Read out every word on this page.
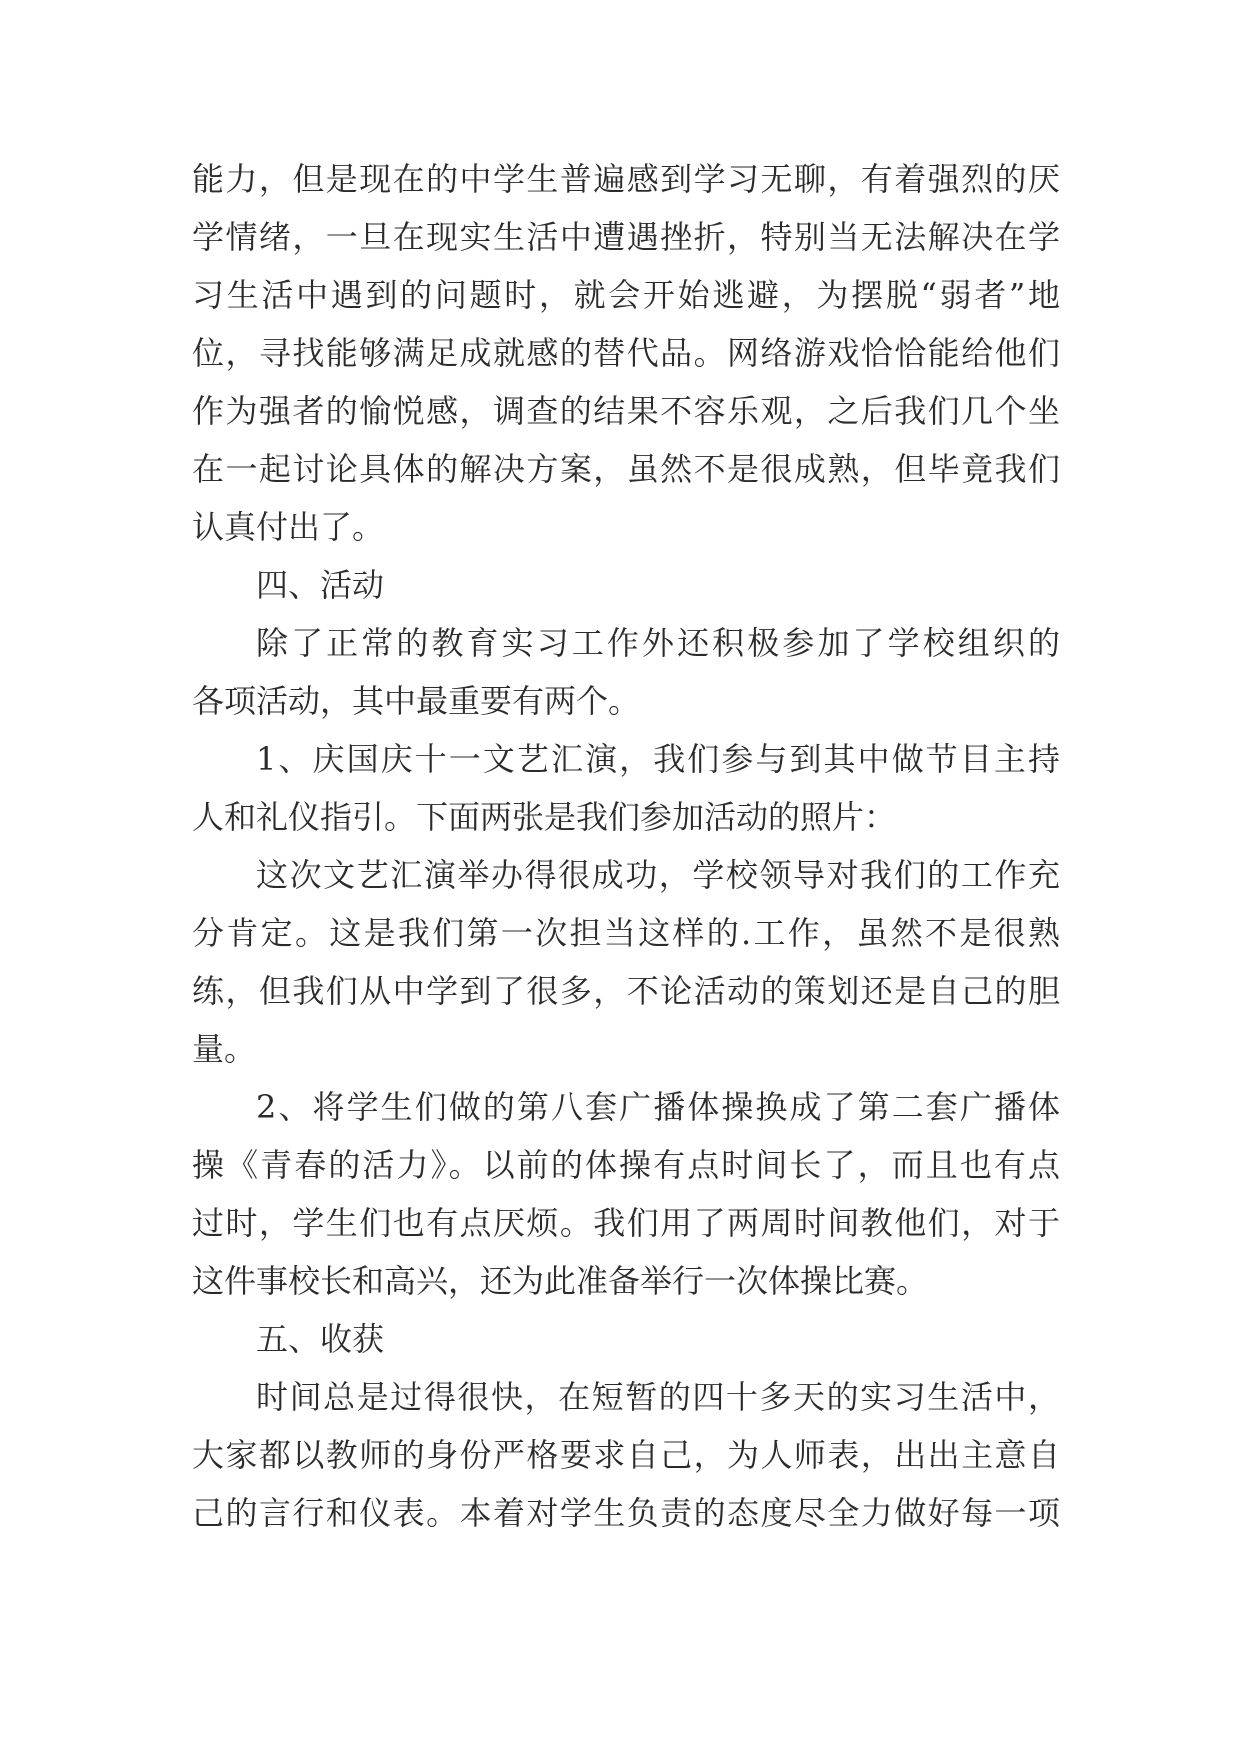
能力，但是现在的中学生普遍感到学习无聊，有着强烈的厌
学情绪，一旦在现实生活中遭遇挫折，特别当无法解决在学
习生活中遇到的问题时，就会开始逃避，为摆脱“弱者”地
位，寻找能够满足成就感的替代品。网络游戏恰恰能给他们
作为强者的愉悦感，调查的结果不容乐观，之后我们几个坐
在一起讨论具体的解决方案，虽然不是很成熟，但毕竟我们
认真付出了。
四、活动
除了正常的教育实习工作外还积极参加了学校组织的
各项活动，其中最重要有两个。
1、庆国庆十一文艺汇演，我们参与到其中做节目主持
人和礼仪指引。下面两张是我们参加活动的照片：
这次文艺汇演举办得很成功，学校领导对我们的工作充
分肯定。这是我们第一次担当这样的.工作，虽然不是很熟
练，但我们从中学到了很多，不论活动的策划还是自己的胆
量。
2、将学生们做的第八套广播体操换成了第二套广播体
操《青春的活力》。以前的体操有点时间长了，而且也有点
过时，学生们也有点厌烦。我们用了两周时间教他们，对于
这件事校长和高兴，还为此准备举行一次体操比赛。
五、收获
时间总是过得很快，在短暂的四十多天的实习生活中，
大家都以教师的身份严格要求自己，为人师表，出出主意自
己的言行和仪表。本着对学生负责的态度尽全力做好每一项
